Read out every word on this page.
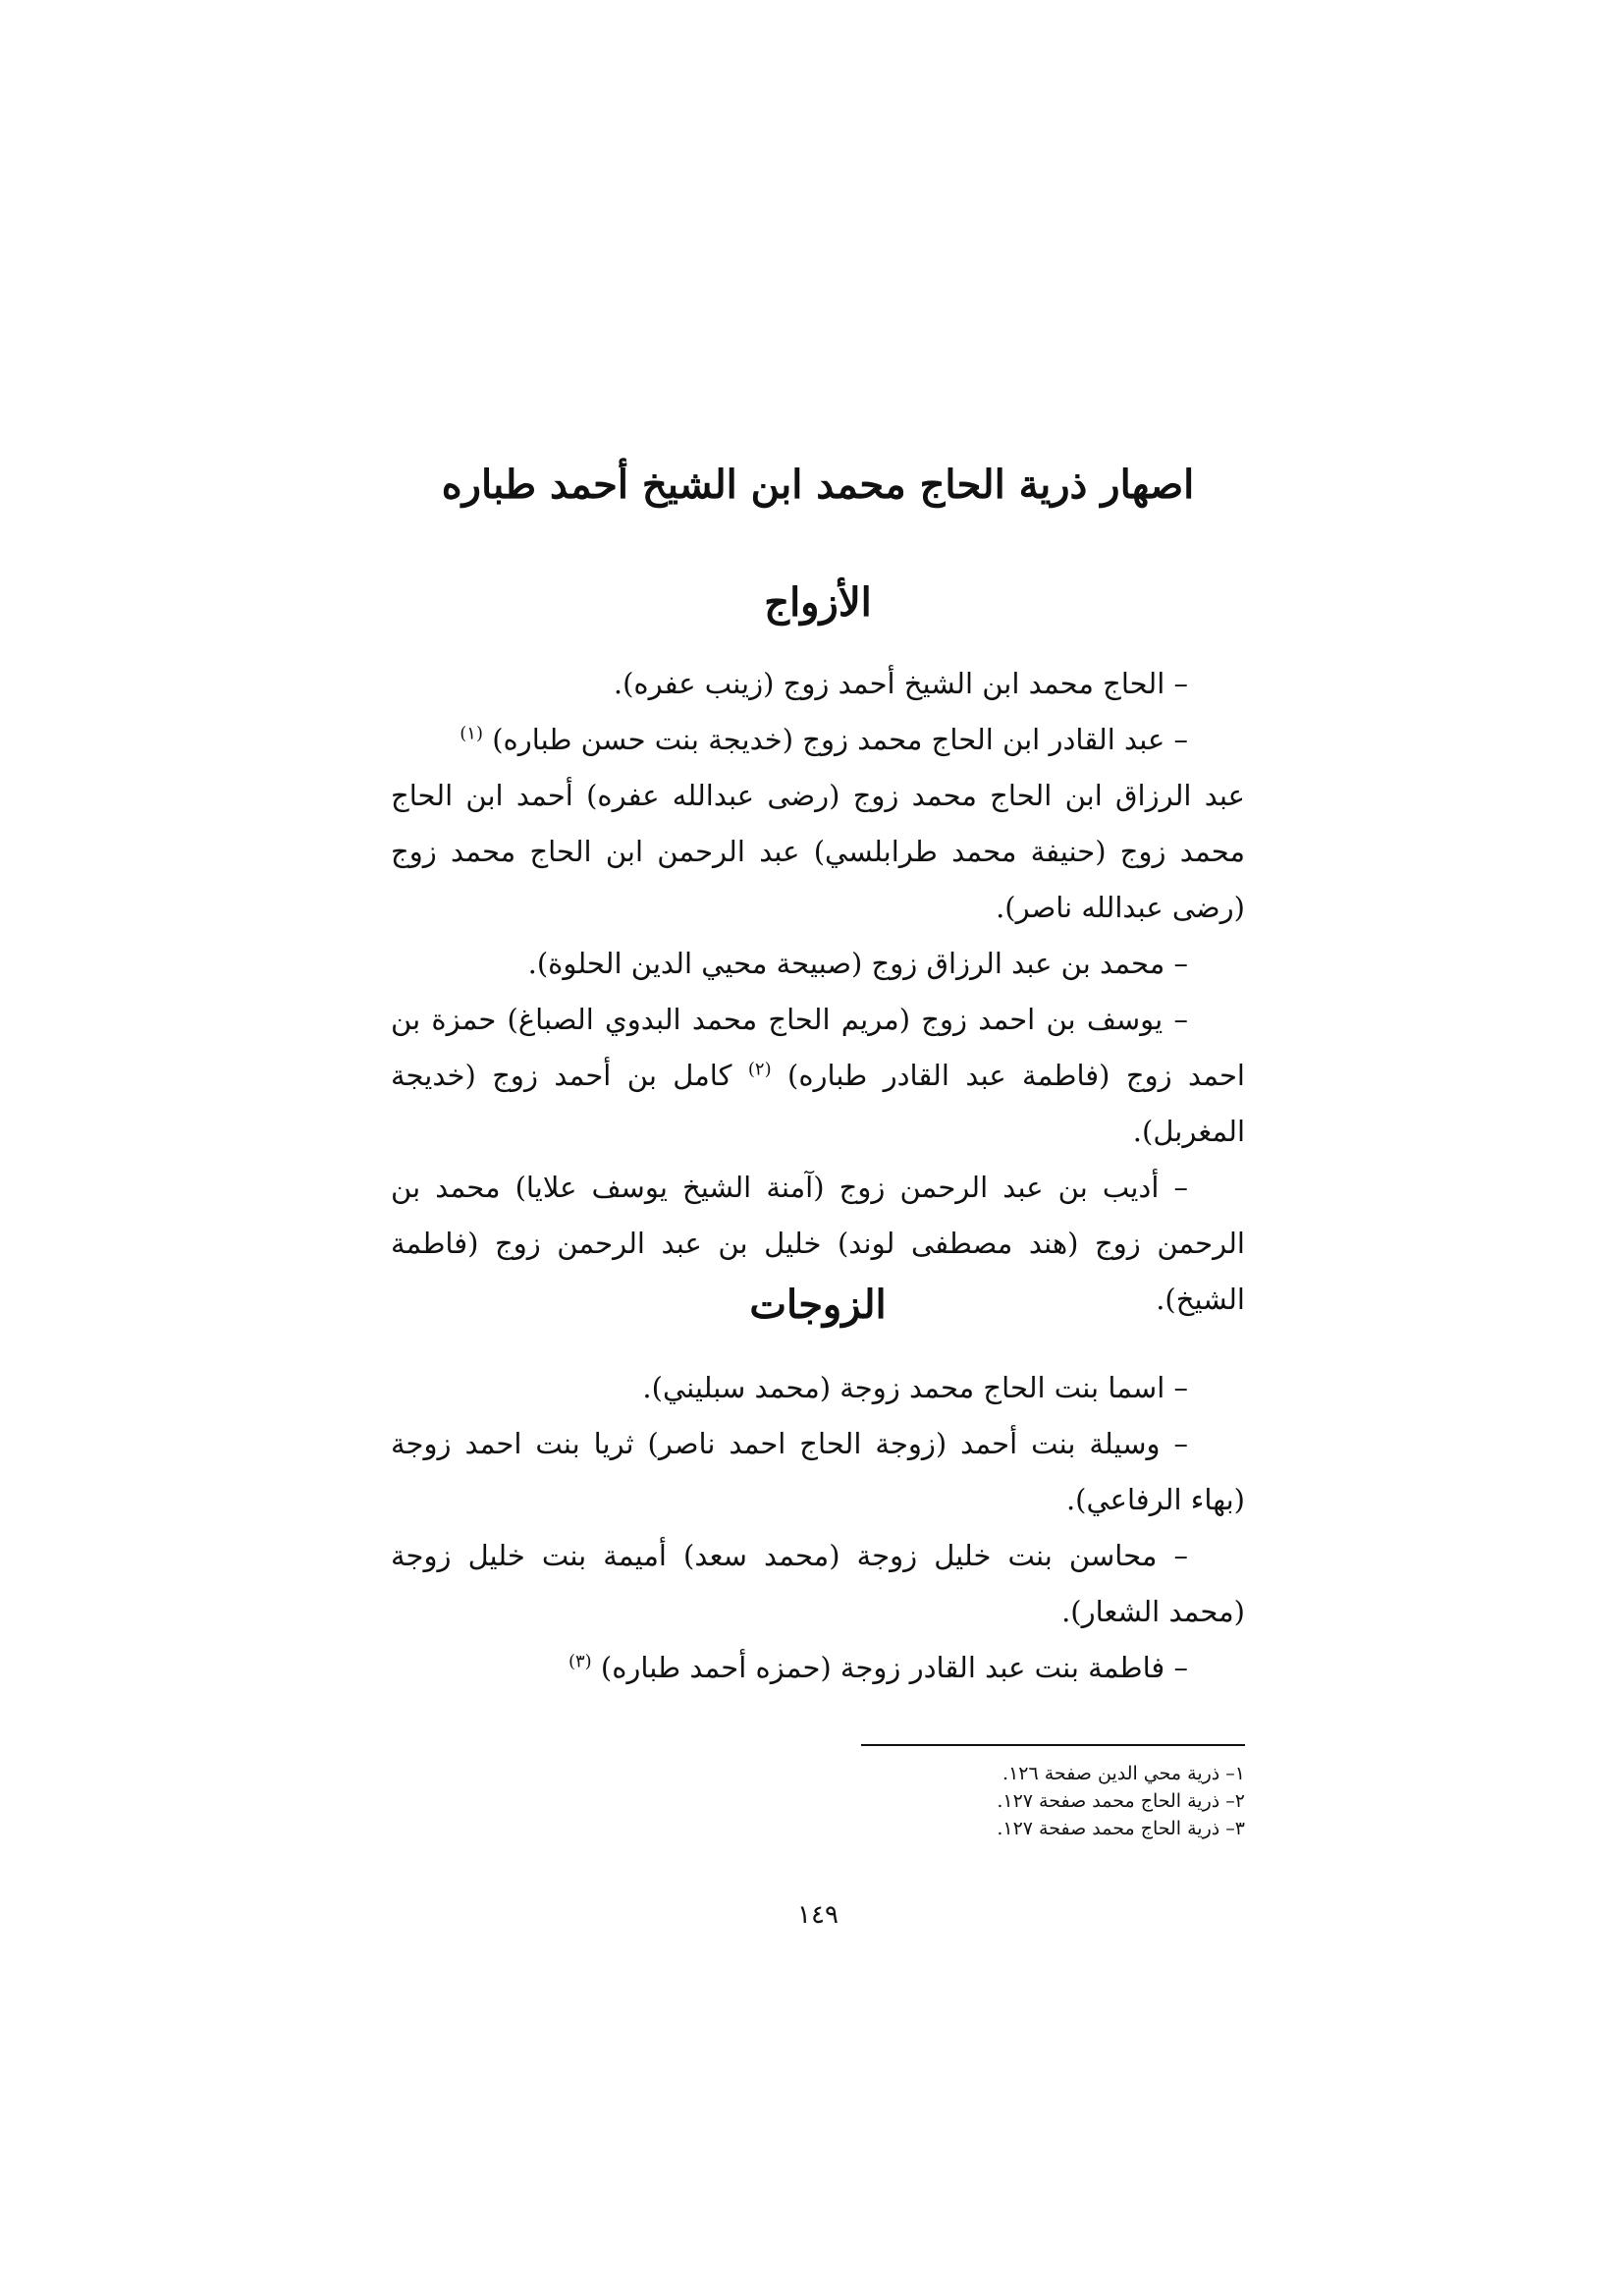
اصهار ذرية الحاج محمد ابن الشيخ أحمد طباره
الأزواج

– الحاج محمد ابن الشيخ أحمد زوج (زينب عفره).

– عبد القادر ابن الحاج محمد زوج (خديجة بنت حسن طباره) $^{(١)}$

عبد الرزاق ابن الحاج محمد زوج (رضى عبدالله عفره) أحمد ابن الحاج محمد زوج (حنيفة محمد طرابلسي) عبد الرحمن ابن الحاج محمد زوج (رضى عبدالله ناصر).

– محمد بن عبد الرزاق زوج (صبيحة محيي الدين الحلوة).

– يوسف بن احمد زوج (مريم الحاج محمد البدوي الصباغ) حمزة بن احمد زوج (فاطمة عبد القادر طباره) $^{(٢)}$ كامل بن أحمد زوج (خديجة المغربل).

– أديب بن عبد الرحمن زوج (آمنة الشيخ يوسف علايا) محمد بن الرحمن زوج (هند مصطفى لوند) خليل بن عبد الرحمن زوج (فاطمة الشيخ).

الزوجات

– اسما بنت الحاج محمد زوجة (محمد سبليني).

– وسيلة بنت أحمد (زوجة الحاج احمد ناصر) ثريا بنت احمد زوجة (بهاء الرفاعي).

– محاسن بنت خليل زوجة (محمد سعد) أميمة بنت خليل زوجة (محمد الشعار).

– فاطمة بنت عبد القادر زوجة (حمزه أحمد طباره) $^{(٣)}$

١– ذرية محي الدين صفحة ١٢٦.
٢– ذرية الحاج محمد صفحة ١٢٧.
٣– ذرية الحاج محمد صفحة ١٢٧.
١٤٩
